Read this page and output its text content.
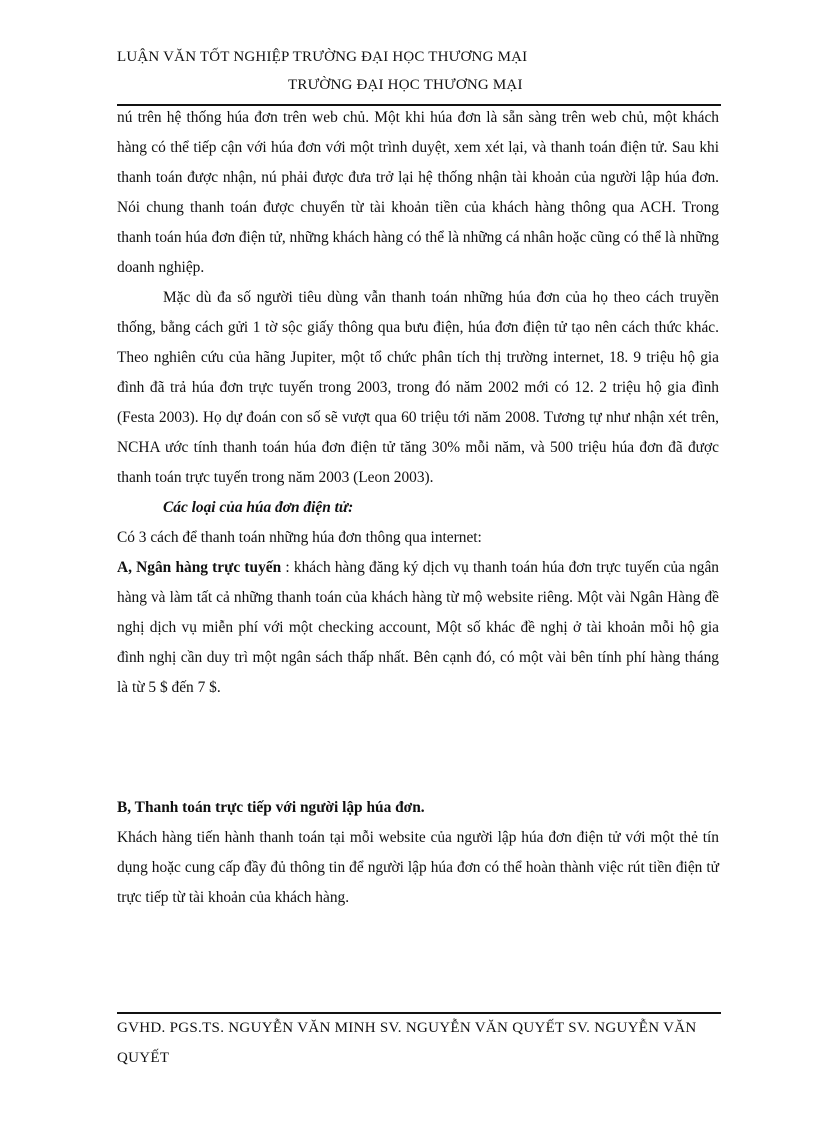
LUẬN VĂN TỐT NGHIỆP TRƯỜNG ĐẠI HỌC THƯƠNG MẠI
TRƯỜNG ĐẠI HỌC THƯƠNG MẠI

nú trên hệ thống húa đơn trên web chủ. Một khi húa đơn là sẵn sàng trên web chủ, một khách hàng có thể tiếp cận với húa đơn với một trình duyệt, xem xét lại, và thanh toán điện tử. Sau khi thanh toán được nhận, nú phải được đưa trở lại hệ thống nhận tài khoản của người lập húa đơn. Nói chung thanh toán được chuyển từ tài khoản tiền của khách hàng thông qua ACH. Trong thanh toán húa đơn điện tử, những khách hàng có thể là những cá nhân hoặc cũng có thể là những doanh nghiệp.

Mặc dù đa số người tiêu dùng vẫn thanh toán những húa đơn của họ theo cách truyền thống, bằng cách gửi 1 tờ sộc giấy thông qua bưu điện, húa đơn điện tử tạo nên cách thức khác. Theo nghiên cứu của hãng Jupiter, một tổ chức phân tích thị trường internet, 18. 9 triệu hộ gia đình đã trả húa đơn trực tuyến trong 2003, trong đó năm 2002 mới có 12. 2 triệu hộ gia đình (Festa 2003). Họ dự đoán con số sẽ vượt qua 60 triệu tới năm 2008. Tương tự như nhận xét trên, NCHA ước tính thanh toán húa đơn điện tử tăng 30% mỗi năm, và 500 triệu húa đơn đã được thanh toán trực tuyến trong năm 2003 (Leon 2003).

Các loại của húa đơn điện tử:

Có 3 cách để thanh toán những húa đơn thông qua internet:

A, Ngân hàng trực tuyến : khách hàng đăng ký dịch vụ thanh toán húa đơn trực tuyến của ngân hàng và làm tất cả những thanh toán của khách hàng từ mộ website riêng. Một vài Ngân Hàng đề nghị dịch vụ miễn phí với một checking account, Một số khác đề nghị ở tài khoản mỗi hộ gia đình nghị cần duy trì một ngân sách thấp nhất. Bên cạnh đó, có một vài bên tính phí hàng tháng là từ 5 $ đến 7 $.

B, Thanh toán trực tiếp với người lập húa đơn.

Khách hàng tiến hành thanh toán tại mỗi website của người lập húa đơn điện tử với một thẻ tín dụng hoặc cung cấp đầy đủ thông tin để người lập húa đơn có thể hoàn thành việc rút tiền điện tử trực tiếp từ tài khoản của khách hàng.

GVHD. PGS.TS. NGUYỄN VĂN MINH SV. NGUYỄN VĂN QUYẾT SV. NGUYỄN VĂN QUYẾT
